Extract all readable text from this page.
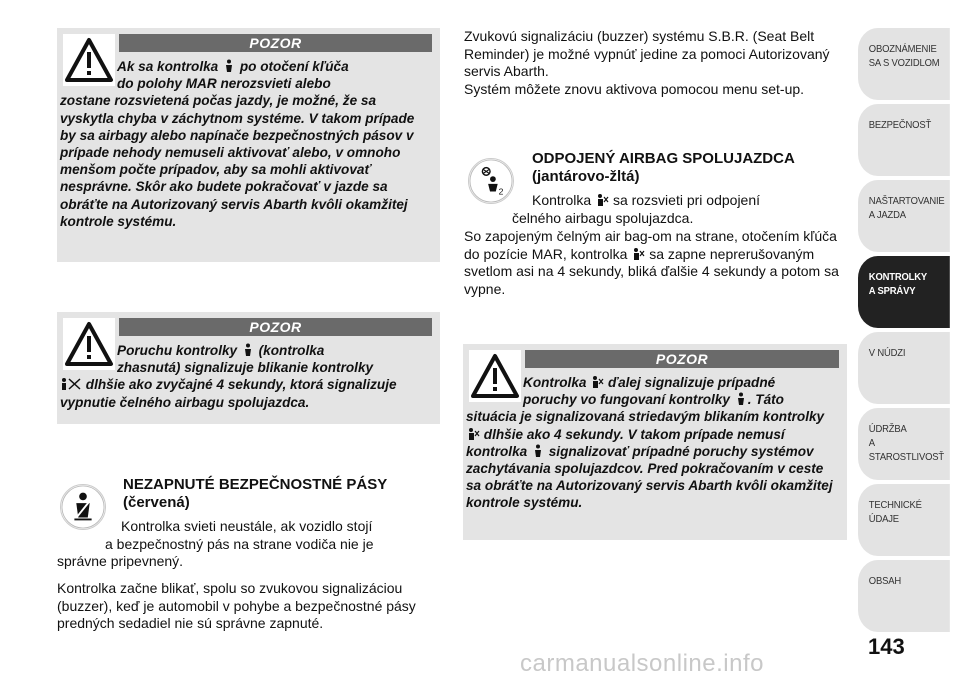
POZOR
Ak sa kontrolka po otočení kľúča
do polohy MAR nerozsvieti alebo
zostane rozsvietená počas jazdy, je možné, že sa vyskytla chyba v záchytnom systéme. V takom prípade by sa airbagy alebo napínače bezpečnostných pásov v prípade nehody nemuseli aktivovať alebo, v omnoho menšom počte prípadov, aby sa mohli aktivovať nesprávne. Skôr ako budete pokračovať v jazde sa obráťte na Autorizovaný servis Abarth kvôli okamžitej kontrole systému.
POZOR
Poruchu kontrolky (kontrolka
zhasnutá) signalizuje blikanie kontrolky
dlhšie ako zvyčajné 4 sekundy, ktorá signalizuje vypnutie čelného airbagu spolujazdca.
NEZAPNUTÉ BEZPEČNOSTNÉ PÁSY
(červená)
Kontrolka svieti neustále, ak vozidlo stojí
a bezpečnostný pás na strane vodiča nie je
správne pripevnený.
Kontrolka začne blikať, spolu so zvukovou signalizáciou (buzzer), keď je automobil v pohybe a bezpečnostné pásy predných sedadiel nie sú správne zapnuté.
Zvukovú signalizáciu (buzzer) systému S.B.R. (Seat Belt Reminder) je možné vypnúť jedine za pomoci Autorizovaný servis Abarth.
Systém môžete znovu aktivova pomocou menu set-up.
2
ODPOJENÝ AIRBAG SPOLUJAZDCA
(jantárovo-žltá)
Kontrolka sa rozsvieti pri odpojení
čelného airbagu spolujazdca.
So zapojeným čelným air bag-om na strane, otočením kľúča do pozície MAR, kontrolka sa zapne neprerušovaným svetlom asi na 4 sekundy, bliká ďalšie 4 sekundy a potom sa vypne.
POZOR
Kontrolka ďalej signalizuje prípadné
poruchy vo fungovaní kontrolky . Táto
situácia je signalizovaná striedavým blikaním kontrolky  dlhšie ako 4 sekundy. V takom prípade nemusí kontrolka signalizovať prípadné poruchy systémov zachytávania spolujazdcov. Pred pokračovaním v ceste sa obráťte na Autorizovaný servis Abarth kvôli okamžitej kontrole systému.
OBOZNÁMENIE
SA S VOZIDLOM
BEZPEČNOSŤ
NAŠTARTOVANIE
A JAZDA
KONTROLKY
A SPRÁVY
V NÚDZI
ÚDRŽBA
A STAROSTLIVOSŤ
TECHNICKÉ
ÚDAJE
OBSAH
143
carmanualsonline.info
